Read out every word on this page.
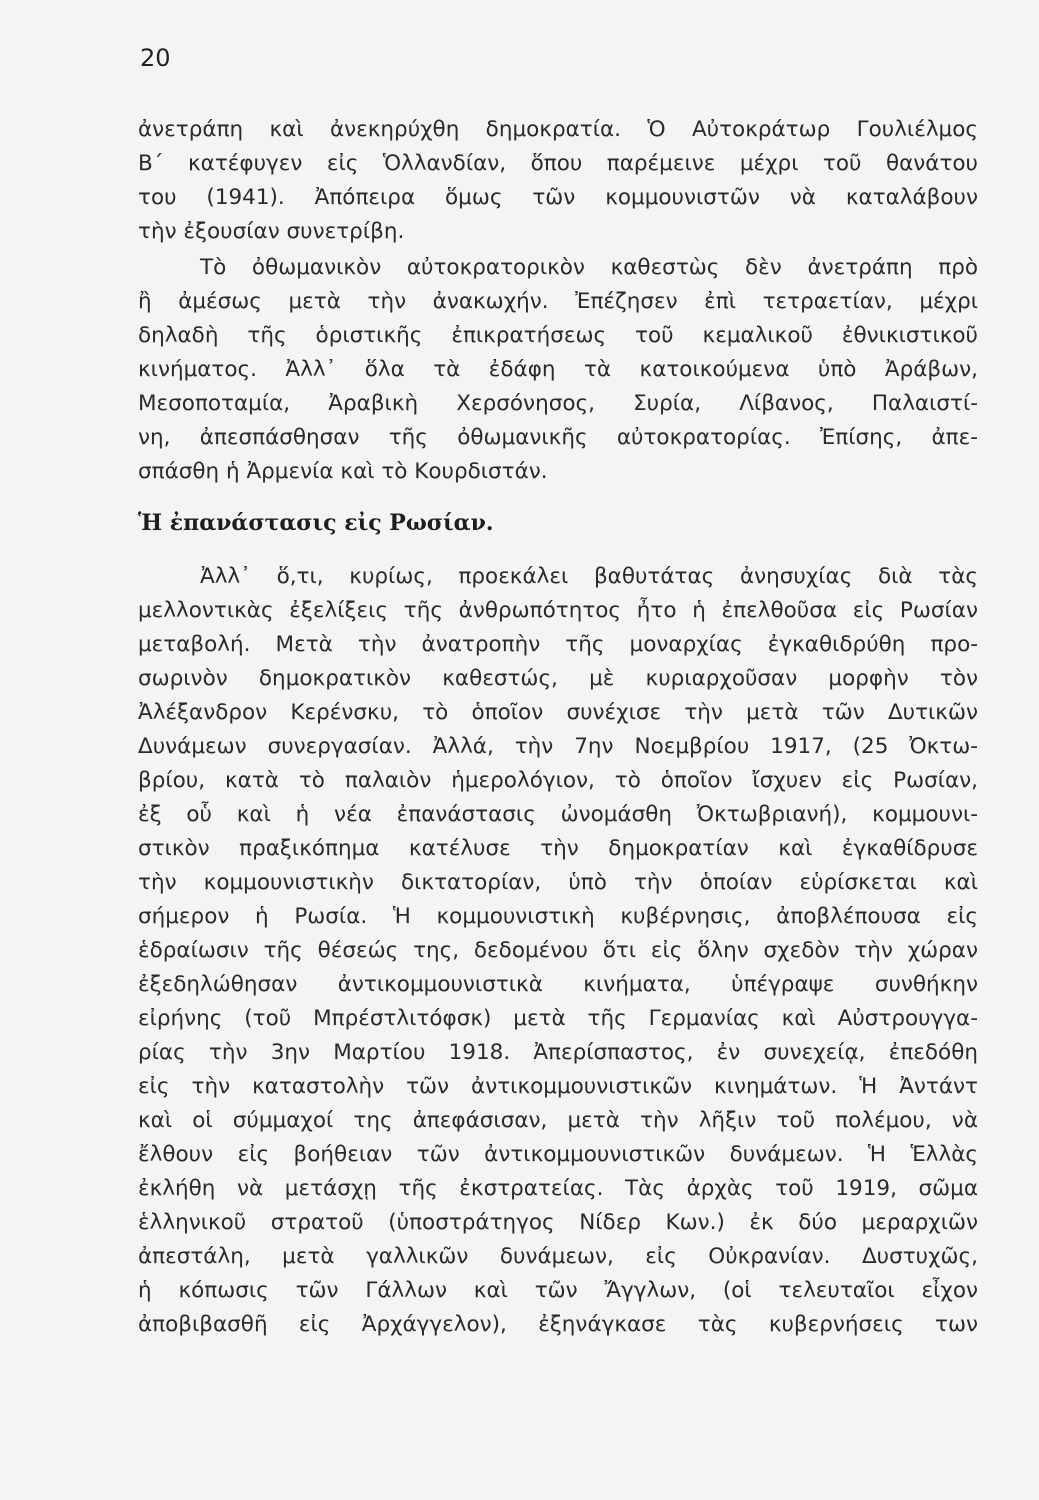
20
ἀνετράπη καὶ ἀνεκηρύχθη δημοκρατία. Ὁ Αὐτοκράτωρ Γουλιέλμος
Β΄ κατέφυγεν εἰς Ὁλλανδίαν, ὅπου παρέμεινε μέχρι τοῦ θανάτου
του (1941). Ἀπόπειρα ὅμως τῶν κομμουνιστῶν νὰ καταλάβουν
τὴν ἐξουσίαν συνετρίβη.
Τὸ ὀθωμανικὸν αὐτοκρατορικὸν καθεστὼς δὲν ἀνετράπη πρὸ
ἢ ἀμέσως μετὰ τὴν ἀνακωχήν. Ἐπέζησεν ἐπὶ τετραετίαν, μέχρι
δηλαδὴ τῆς ὁριστικῆς ἐπικρατήσεως τοῦ κεμαλικοῦ ἐθνικιστικοῦ
κινήματος. Ἀλλ᾿ ὅλα τὰ ἐδάφη τὰ κατοικούμενα ὑπὸ Ἀράβων,
Μεσοποταμία, Ἀραβικὴ Χερσόνησος, Συρία, Λίβανος, Παλαιστί-
νη, ἀπεσπάσθησαν τῆς ὀθωμανικῆς αὐτοκρατορίας. Ἐπίσης, ἀπε-
σπάσθη ἡ Ἀρμενία καὶ τὸ Κουρδιστάν.
Ἡ ἐπανάστασις εἰς Ρωσίαν.
Ἀλλ᾿ ὅ,τι, κυρίως, προεκάλει βαθυτάτας ἀνησυχίας διὰ τὰς
μελλοντικὰς ἐξελίξεις τῆς ἀνθρωπότητος ἦτο ἡ ἐπελθοῦσα εἰς Ρωσίαν
μεταβολή. Μετὰ τὴν ἀνατροπὴν τῆς μοναρχίας ἐγκαθιδρύθη προ-
σωρινὸν δημοκρατικὸν καθεστώς, μὲ κυριαρχοῦσαν μορφὴν τὸν
Ἀλέξανδρον Κερένσκυ, τὸ ὁποῖον συνέχισε τὴν μετὰ τῶν Δυτικῶν
Δυνάμεων συνεργασίαν. Ἀλλά, τὴν 7ην Νοεμβρίου 1917, (25 Ὀκτω-
βρίου, κατὰ τὸ παλαιὸν ἡμερολόγιον, τὸ ὁποῖον ἴσχυεν εἰς Ρωσίαν,
ἐξ οὗ καὶ ἡ νέα ἐπανάστασις ὠνομάσθη Ὀκτωβριανή), κομμουνι-
στικὸν πραξικόπημα κατέλυσε τὴν δημοκρατίαν καὶ ἐγκαθίδρυσε
τὴν κομμουνιστικὴν δικτατορίαν, ὑπὸ τὴν ὁποίαν εὑρίσκεται καὶ
σήμερον ἡ Ρωσία. Ἡ κομμουνιστικὴ κυβέρνησις, ἀποβλέπουσα εἰς
ἑδραίωσιν τῆς θέσεώς της, δεδομένου ὅτι εἰς ὅλην σχεδὸν τὴν χώραν
ἐξεδηλώθησαν ἀντικομμουνιστικὰ κινήματα, ὑπέγραψε συνθήκην
εἰρήνης (τοῦ Μπρέστλιτόφσκ) μετὰ τῆς Γερμανίας καὶ Αὐστρουγγα-
ρίας τὴν 3ην Μαρτίου 1918. Ἀπερίσπαστος, ἐν συνεχείᾳ, ἐπεδόθη
εἰς τὴν καταστολὴν τῶν ἀντικομμουνιστικῶν κινημάτων. Ἡ Ἀντάντ
καὶ οἱ σύμμαχοί της ἀπεφάσισαν, μετὰ τὴν λῆξιν τοῦ πολέμου, νὰ
ἔλθουν εἰς βοήθειαν τῶν ἀντικομμουνιστικῶν δυνάμεων. Ἡ Ἑλλὰς
ἐκλήθη νὰ μετάσχῃ τῆς ἐκστρατείας. Τὰς ἀρχὰς τοῦ 1919, σῶμα
ἑλληνικοῦ στρατοῦ (ὑποστράτηγος Νίδερ Κων.) ἐκ δύο μεραρχιῶν
ἀπεστάλη, μετὰ γαλλικῶν δυνάμεων, εἰς Οὐκρανίαν. Δυστυχῶς,
ἡ κόπωσις τῶν Γάλλων καὶ τῶν Ἄγγλων, (οἱ τελευταῖοι εἶχον
ἀποβιβασθῆ εἰς Ἀρχάγγελον), ἐξηνάγκασε τὰς κυβερνήσεις των
